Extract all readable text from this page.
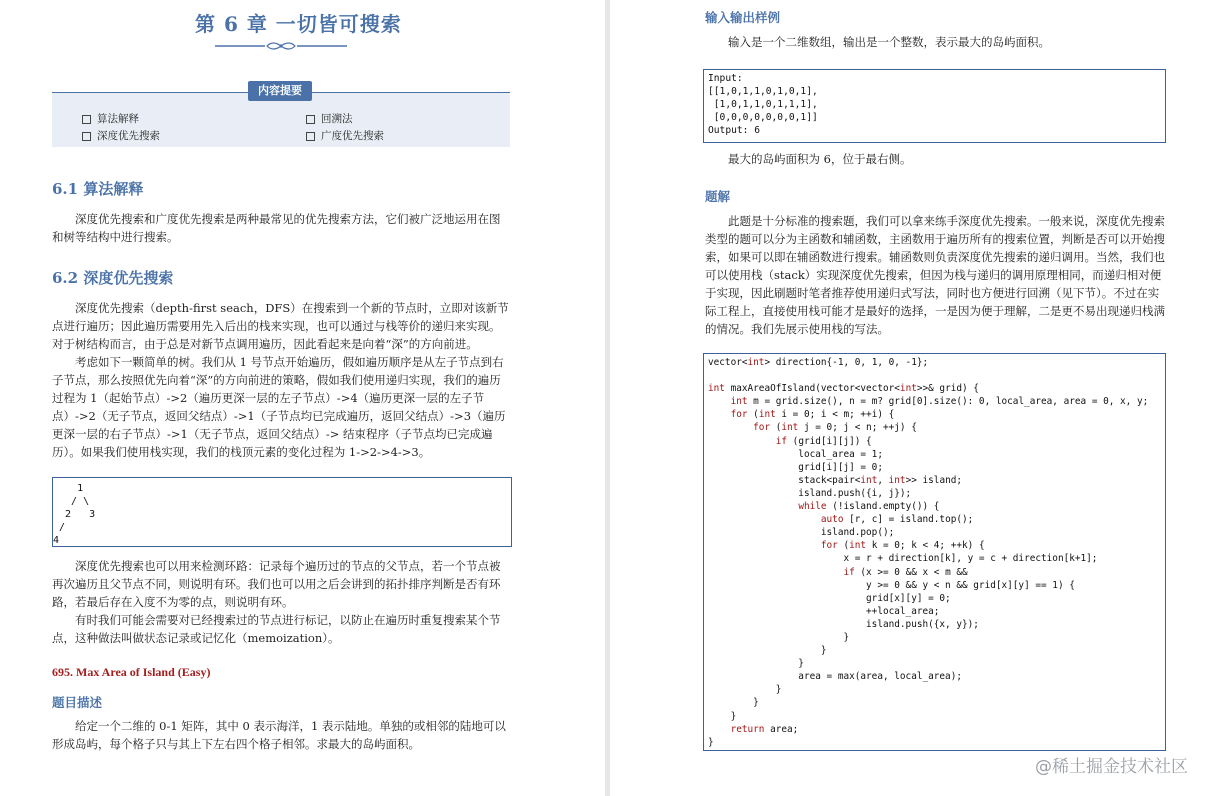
第 6 章 一切皆可搜索
内容提要
算法解释	回溯法
深度优先搜索	广度优先搜索
6.1 算法解释

深度优先搜索和广度优先搜索是两种最常见的优先搜索方法，它们被广泛地运用在图和树等结构中进行搜索。

6.2 深度优先搜索

深度优先搜索（depth-first seach，DFS）在搜索到一个新的节点时，立即对该新节点进行遍历；因此遍历需要用先入后出的栈来实现，也可以通过与栈等价的递归来实现。对于树结构而言，由于总是对新节点调用遍历，因此看起来是向着“深”的方向前进。

考虑如下一颗简单的树。我们从 1 号节点开始遍历，假如遍历顺序是从左子节点到右子节点，那么按照优先向着“深”的方向前进的策略，假如我们使用递归实现，我们的遍历过程为 1（起始节点）->2（遍历更深一层的左子节点）->4（遍历更深一层的左子节点）->2（无子节点，返回父结点）->1（子节点均已完成遍历，返回父结点）->3（遍历更深一层的右子节点）->1（无子节点，返回父结点）-> 结束程序（子节点均已完成遍历）。如果我们使用栈实现，我们的栈顶元素的变化过程为 1->2->4->3。

1
/ \
2   3
/
4

深度优先搜索也可以用来检测环路：记录每个遍历过的节点的父节点，若一个节点被再次遍历且父节点不同，则说明有环。我们也可以用之后会讲到的拓扑排序判断是否有环路，若最后存在入度不为零的点，则说明有环。

有时我们可能会需要对已经搜索过的节点进行标记，以防止在遍历时重复搜索某个节点，这种做法叫做状态记录或记忆化（memoization）。

695. Max Area of Island (Easy)
题目描述

给定一个二维的 0-1 矩阵，其中 0 表示海洋，1 表示陆地。单独的或相邻的陆地可以形成岛屿，每个格子只与其上下左右四个格子相邻。求最大的岛屿面积。

输入输出样例

输入是一个二维数组，输出是一个整数，表示最大的岛屿面积。

Input:
[[1,0,1,1,0,1,0,1],
[1,0,1,1,0,1,1,1],
[0,0,0,0,0,0,0,1]]
Output: 6

最大的岛屿面积为 6，位于最右侧。

题解

此题是十分标准的搜索题，我们可以拿来练手深度优先搜索。一般来说，深度优先搜索类型的题可以分为主函数和辅函数，主函数用于遍历所有的搜索位置，判断是否可以开始搜索，如果可以即在辅函数进行搜索。辅函数则负责深度优先搜索的递归调用。当然，我们也可以使用栈（stack）实现深度优先搜索，但因为栈与递归的调用原理相同，而递归相对便于实现，因此刷题时笔者推荐使用递归式写法，同时也方便进行回溯（见下节）。不过在实际工程上，直接使用栈可能才是最好的选择，一是因为便于理解，二是更不易出现递归栈满的情况。我们先展示使用栈的写法。

vector<int> direction{-1, 0, 1, 0, -1};

int maxAreaOfIsland(vector<vector<int>>& grid) {
int m = grid.size(), n = m? grid[0].size(): 0, local_area, area = 0, x, y;
for (int i = 0; i < m; ++i) {
for (int j = 0; j < n; ++j) {
if (grid[i][j]) {
local_area = 1;
grid[i][j] = 0;
stack<pair<int, int>> island;
island.push({i, j});
while (!island.empty()) {
auto [r, c] = island.top();
island.pop();
for (int k = 0; k < 4; ++k) {
x = r + direction[k], y = c + direction[k+1];
if (x >= 0 && x < m &&
y >= 0 && y < n && grid[x][y] == 1) {
grid[x][y] = 0;
++local_area;
island.push({x, y});
}
}
}
area = max(area, local_area);
}
}
}
return area;
}
@稀土掘金技术社区
